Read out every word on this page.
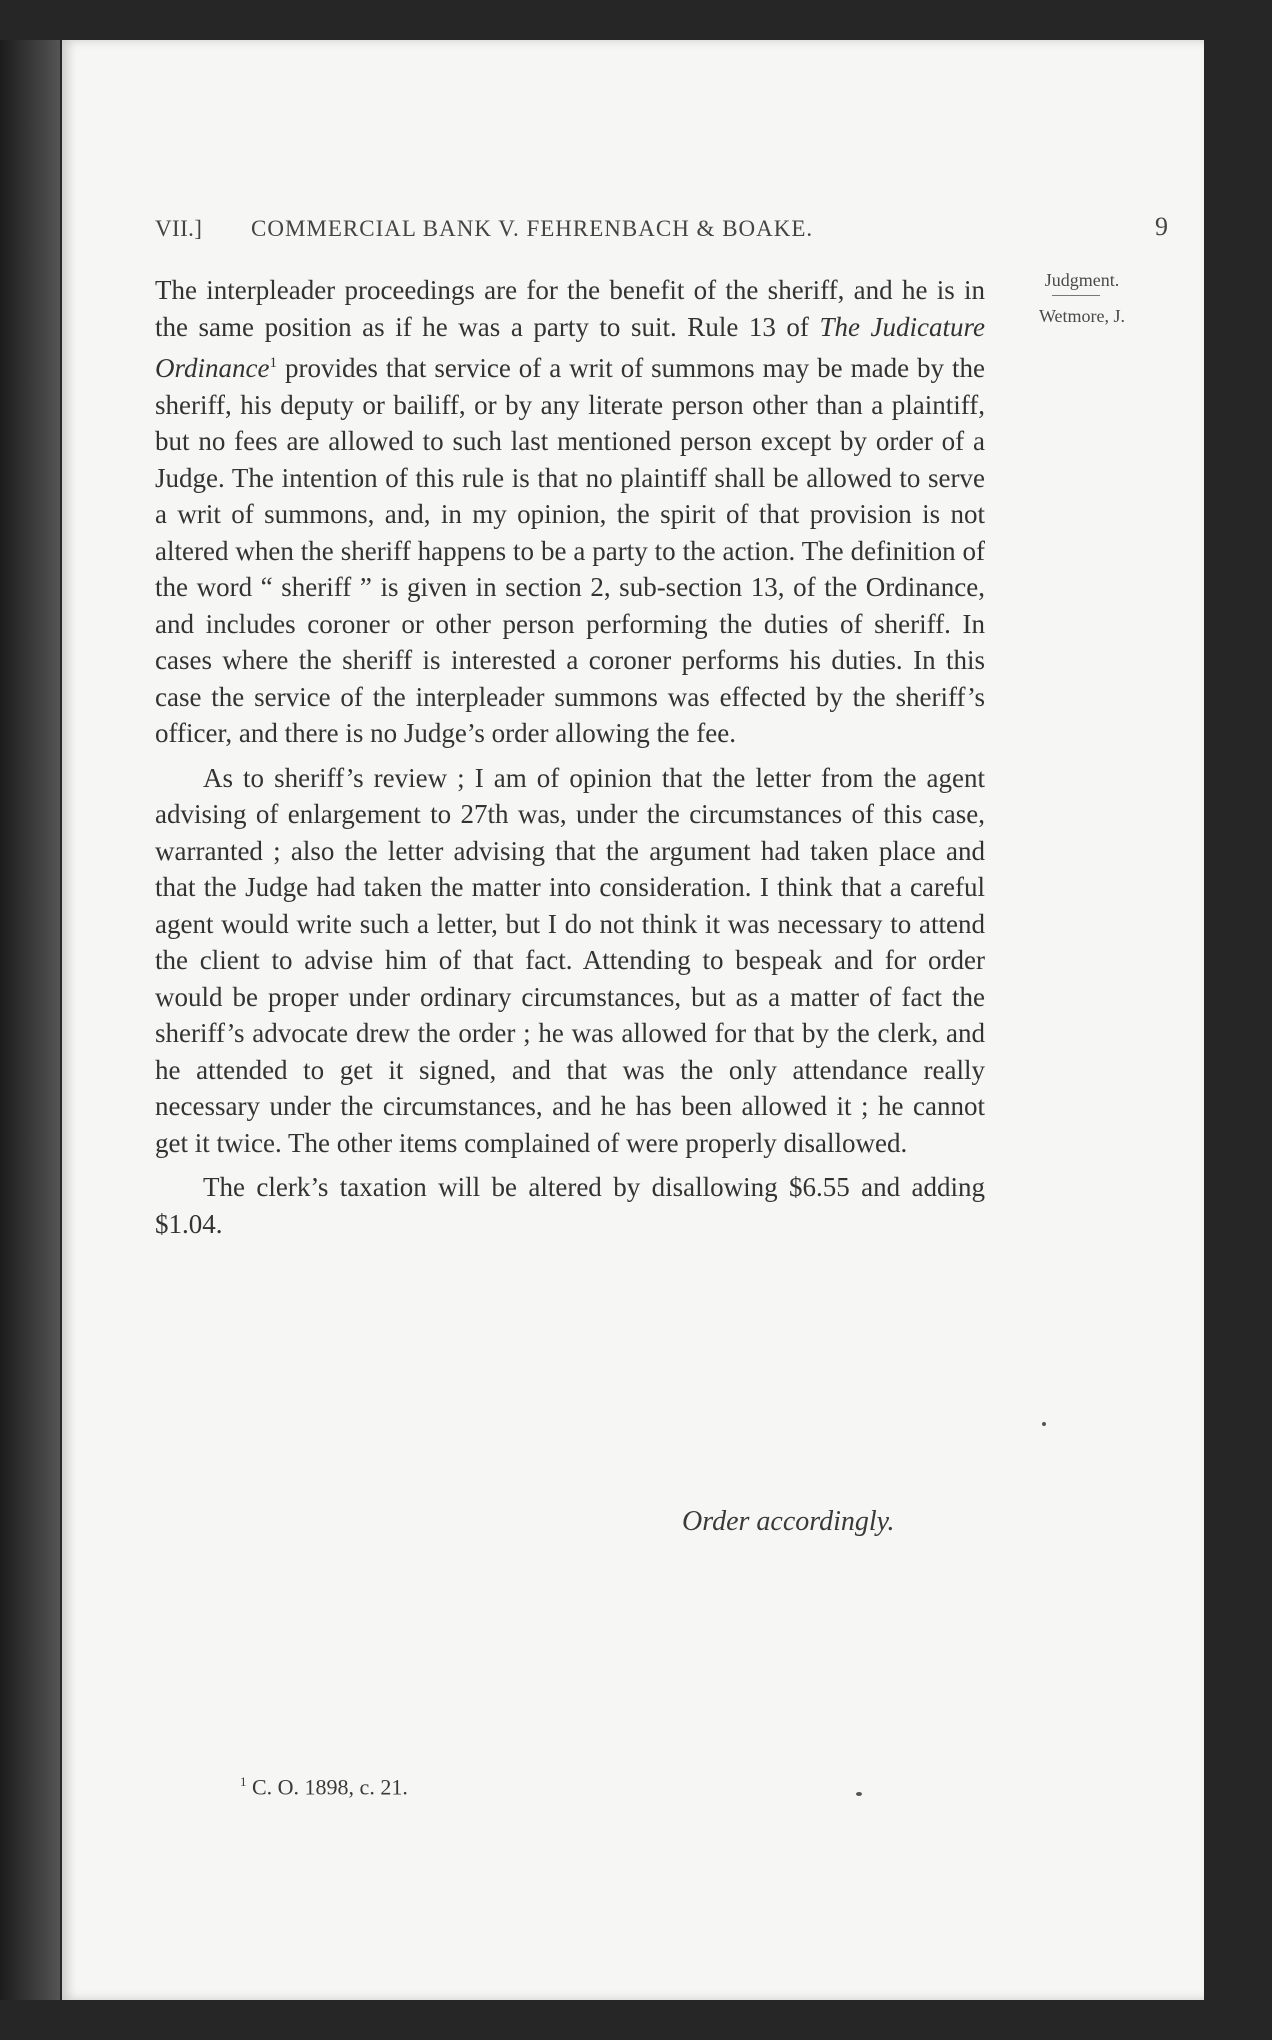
VII.] COMMERCIAL BANK V. FEHRENBACH & BOAKE.	9
Judgment.
Wetmore, J.

The interpleader proceedings are for the benefit of the sheriff, and he is in the same position as if he was a party to suit. Rule 13 of The Judicature Ordinance$^1$ provides that service of a writ of summons may be made by the sheriff, his deputy or bailiff, or by any literate person other than a plaintiff, but no fees are allowed to such last mentioned person except by order of a Judge. The intention of this rule is that no plaintiff shall be allowed to serve a writ of summons, and, in my opinion, the spirit of that provision is not altered when the sheriff happens to be a party to the action. The definition of the word “ sheriff ” is given in section 2, sub-section 13, of the Ordinance, and includes coroner or other person performing the duties of sheriff. In cases where the sheriff is interested a coroner performs his duties. In this case the service of the interpleader summons was effected by the sheriff’s officer, and there is no Judge’s order allowing the fee.

As to sheriff’s review ; I am of opinion that the letter from the agent advising of enlargement to 27th was, under the circumstances of this case, warranted ; also the letter advising that the argument had taken place and that the Judge had taken the matter into consideration. I think that a careful agent would write such a letter, but I do not think it was necessary to attend the client to advise him of that fact. Attending to bespeak and for order would be proper under ordinary circumstances, but as a matter of fact the sheriff’s advocate drew the order ; he was allowed for that by the clerk, and he attended to get it signed, and that was the only attendance really necessary under the circumstances, and he has been allowed it ; he cannot get it twice. The other items complained of were properly disallowed.

The clerk’s taxation will be altered by disallowing $6.55 and adding $1.04.

Order accordingly.
$^1$ C. O. 1898, c. 21.
